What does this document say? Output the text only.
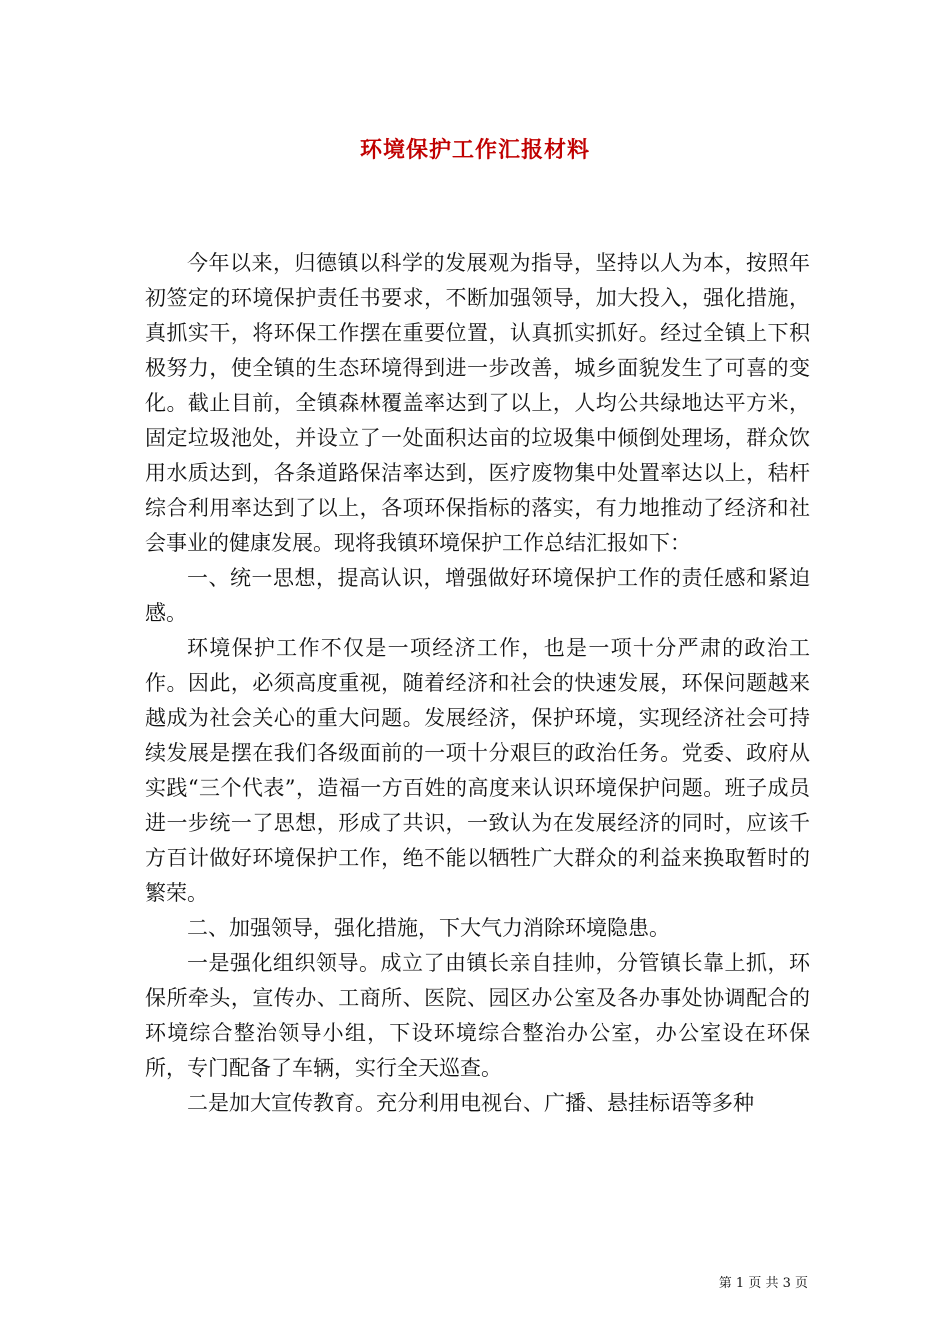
环境保护工作汇报材料

今年以来，归德镇以科学的发展观为指导，坚持以人为本，按照年初签定的环境保护责任书要求，不断加强领导，加大投入，强化措施，真抓实干，将环保工作摆在重要位置，认真抓实抓好。经过全镇上下积极努力，使全镇的生态环境得到进一步改善，城乡面貌发生了可喜的变化。截止目前，全镇森林覆盖率达到了以上，人均公共绿地达平方米，固定垃圾池处，并设立了一处面积达亩的垃圾集中倾倒处理场，群众饮用水质达到，各条道路保洁率达到，医疗废物集中处置率达以上，秸杆综合利用率达到了以上，各项环保指标的落实，有力地推动了经济和社会事业的健康发展。现将我镇环境保护工作总结汇报如下：

一、统一思想，提高认识，增强做好环境保护工作的责任感和紧迫感。

环境保护工作不仅是一项经济工作，也是一项十分严肃的政治工作。因此，必须高度重视，随着经济和社会的快速发展，环保问题越来越成为社会关心的重大问题。发展经济，保护环境，实现经济社会可持续发展是摆在我们各级面前的一项十分艰巨的政治任务。党委、政府从实践“三个代表”，造福一方百姓的高度来认识环境保护问题。班子成员进一步统一了思想，形成了共识，一致认为在发展经济的同时，应该千方百计做好环境保护工作，绝不能以牺牲广大群众的利益来换取暂时的繁荣。

二、加强领导，强化措施，下大气力消除环境隐患。

一是强化组织领导。成立了由镇长亲自挂帅，分管镇长靠上抓，环保所牵头，宣传办、工商所、医院、园区办公室及各办事处协调配合的环境综合整治领导小组，下设环境综合整治办公室，办公室设在环保所，专门配备了车辆，实行全天巡查。

二是加大宣传教育。充分利用电视台、广播、悬挂标语等多种

第 1 页 共 3 页
